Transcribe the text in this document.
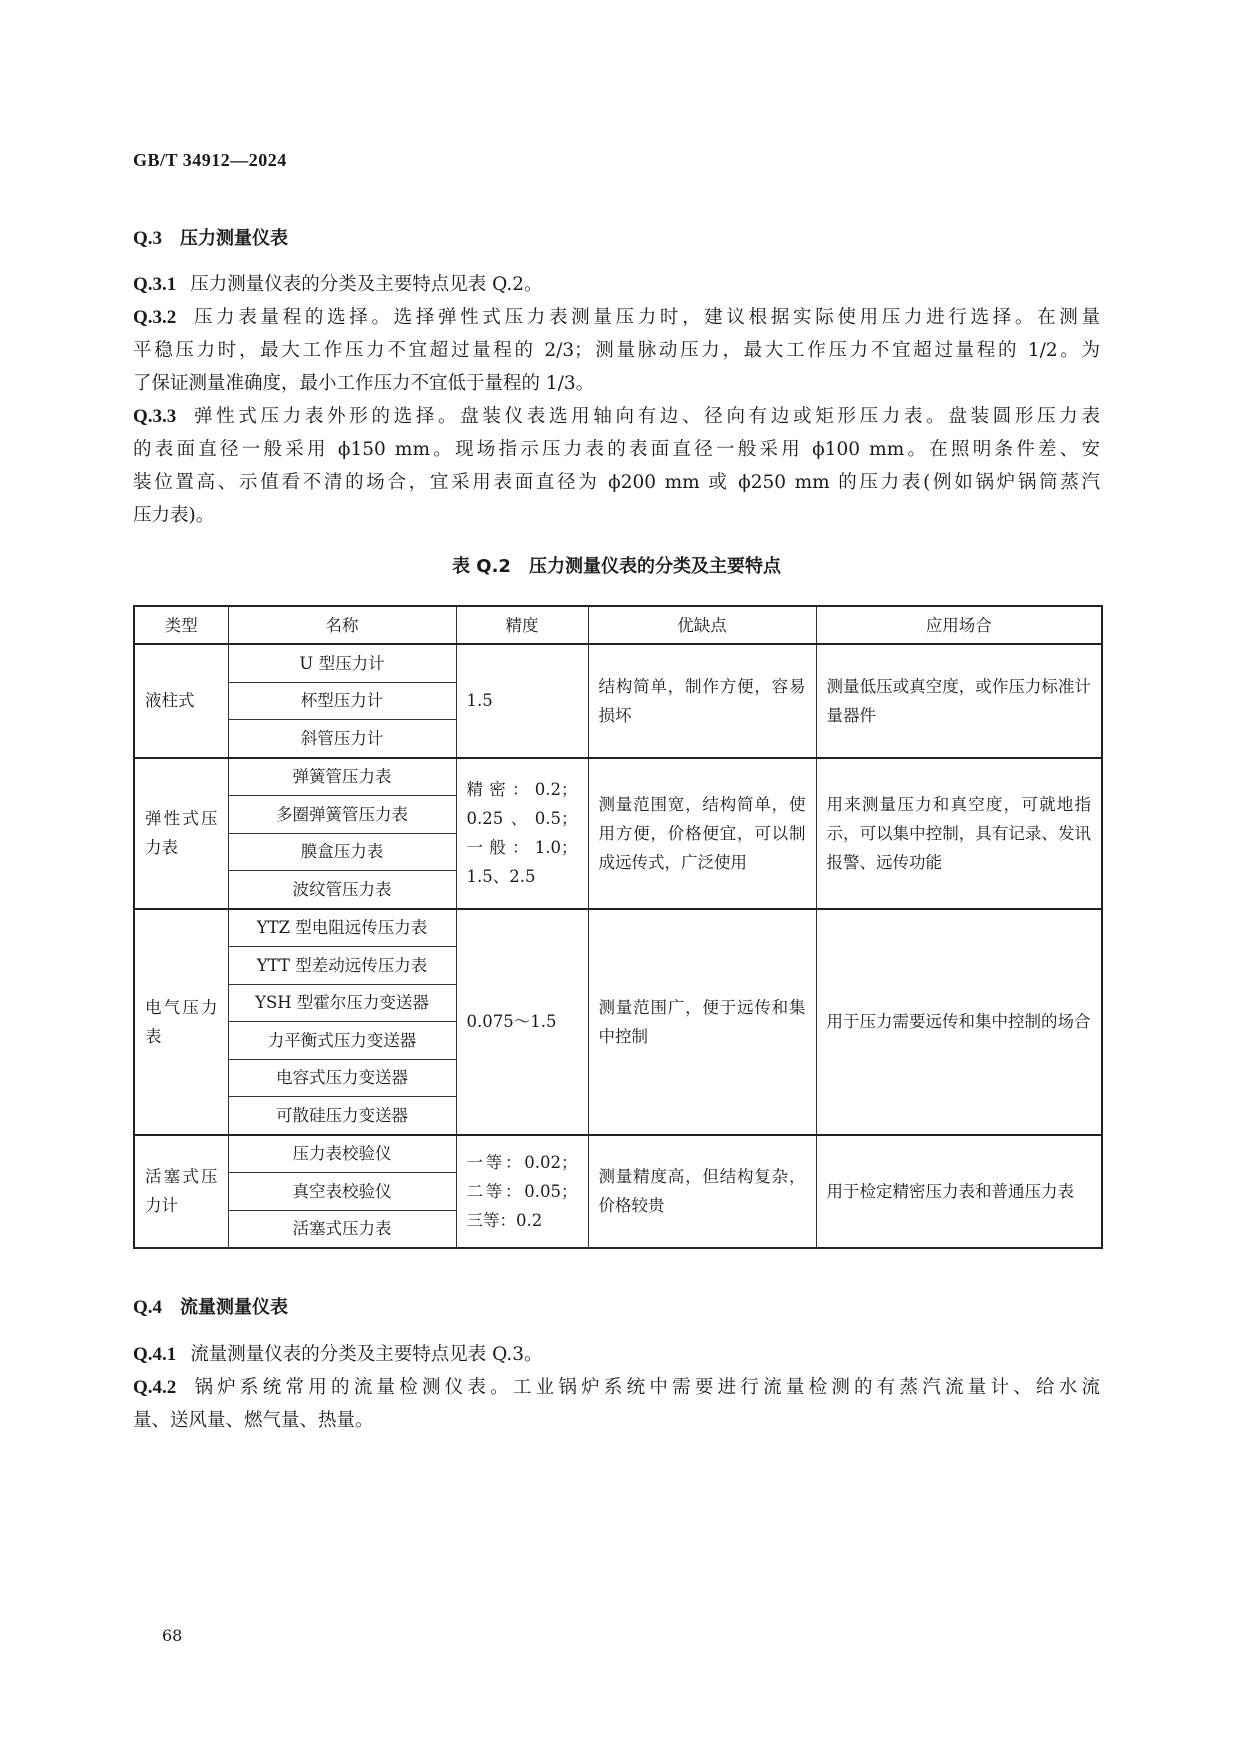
GB/T 34912—2024
Q.3 压力测量仪表
Q.3.1 压力测量仪表的分类及主要特点见表 Q.2。
Q.3.2 压力表量程的选择。选择弹性式压力表测量压力时，建议根据实际使用压力进行选择。在测量
平稳压力时，最大工作压力不宜超过量程的 2/3；测量脉动压力，最大工作压力不宜超过量程的 1/2。为
了保证测量准确度，最小工作压力不宜低于量程的 1/3。
Q.3.3 弹性式压力表外形的选择。盘装仪表选用轴向有边、径向有边或矩形压力表。盘装圆形压力表
的表面直径一般采用 ϕ150 mm。现场指示压力表的表面直径一般采用 ϕ100 mm。在照明条件差、安
装位置高、示值看不清的场合，宜采用表面直径为 ϕ200 mm 或 ϕ250 mm 的压力表(例如锅炉锅筒蒸汽
压力表)。
表 Q.2　压力测量仪表的分类及主要特点
类型	名称	精度	优缺点	应用场合
液柱式	U 型压力计	1.5	结构简单，制作方便，容易损坏	测量低压或真空度，或作压力标准计量器件
	杯型压力计			
	斜管压力计			
弹性式压力表	弹簧管压力表	精密：0.2；0.25、0.5；一般：1.0；1.5、2.5	测量范围宽，结构简单，使用方便，价格便宜，可以制成远传式，广泛使用	用来测量压力和真空度，可就地指示，可以集中控制，具有记录、发讯报警、远传功能
	多圈弹簧管压力表			
	膜盒压力表			
	波纹管压力表			
电气压力表	YTZ 型电阻远传压力表	0.075～1.5	测量范围广，便于远传和集中控制	用于压力需要远传和集中控制的场合
	YTT 型差动远传压力表			
	YSH 型霍尔压力变送器			
	力平衡式压力变送器			
	电容式压力变送器			
	可散硅压力变送器			
活塞式压力计	压力表校验仪	一等：0.02；二等：0.05；三等：0.2	测量精度高，但结构复杂，价格较贵	用于检定精密压力表和普通压力表
	真空表校验仪			
	活塞式压力表			
Q.4 流量测量仪表
Q.4.1 流量测量仪表的分类及主要特点见表 Q.3。
Q.4.2 锅炉系统常用的流量检测仪表。工业锅炉系统中需要进行流量检测的有蒸汽流量计、给水流
量、送风量、燃气量、热量。
68
